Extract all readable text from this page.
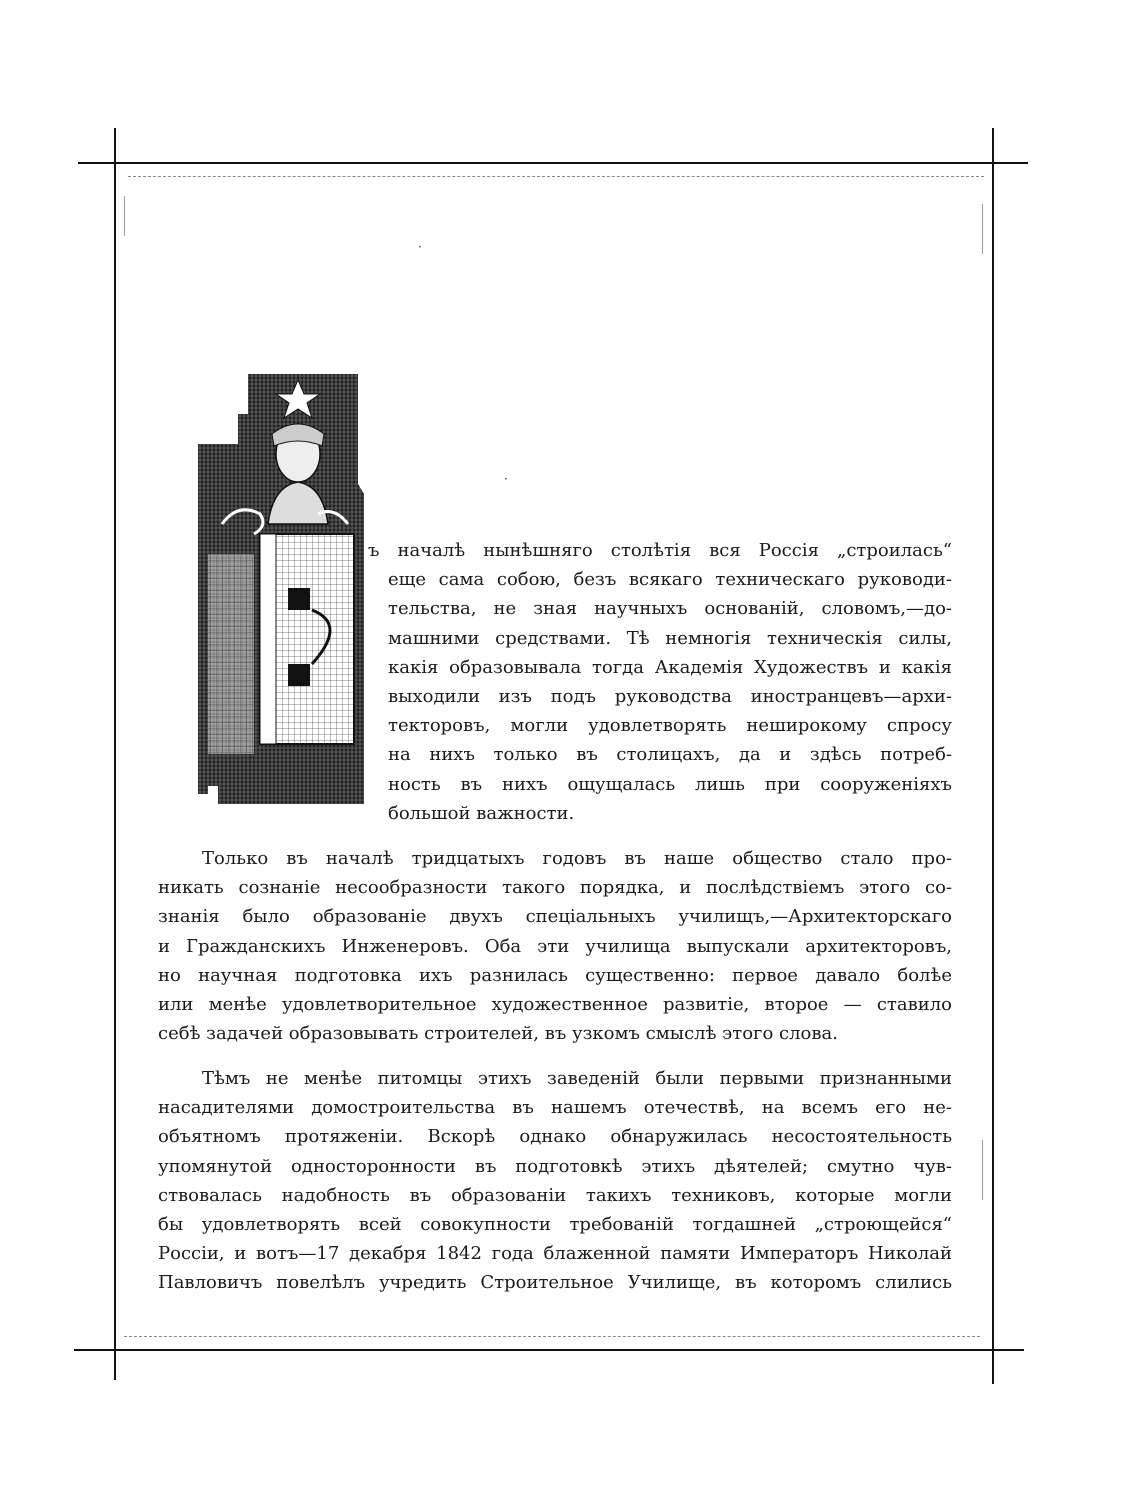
·
·
ъ началѣ нынѣшняго столѣтія вся Россія „строилась“
еще сама собою, безъ всякаго техническаго руководи-
тельства, не зная научныхъ основаній, словомъ,—до-
машними средствами. Тѣ немногія техническія силы,
какія образовывала тогда Академія Художествъ и какія
выходили изъ подъ руководства иностранцевъ—архи-
текторовъ, могли удовлетворять неширокому спросу
на нихъ только въ столицахъ, да и здѣсь потреб-
ность въ нихъ ощущалась лишь при сооруженіяхъ
большой важности.
Только въ началѣ тридцатыхъ годовъ въ наше общество стало про-
никать сознаніе несообразности такого порядка, и послѣдствіемъ этого со-
знанія было образованіе двухъ спеціальныхъ училищъ,—Архитекторскаго
и Гражданскихъ Инженеровъ. Оба эти училища выпускали архитекторовъ,
но научная подготовка ихъ разнилась существенно: первое давало болѣе
или менѣе удовлетворительное художественное развитіе, второе — ставило
себѣ задачей образовывать строителей, въ узкомъ смыслѣ этого слова.
Тѣмъ не менѣе питомцы этихъ заведеній были первыми признанными
насадителями домостроительства въ нашемъ отечествѣ, на всемъ его не-
объятномъ протяженіи. Вскорѣ однако обнаружилась несостоятельность
упомянутой односторонности въ подготовкѣ этихъ дѣятелей; смутно чув-
ствовалась надобность въ образованіи такихъ техниковъ, которые могли
бы удовлетворять всей совокупности требованій тогдашней „строющейся“
Россіи, и вотъ—17 декабря 1842 года блаженной памяти Императоръ Николай
Павловичъ повелѣлъ учредить Строительное Училище, въ которомъ слились
